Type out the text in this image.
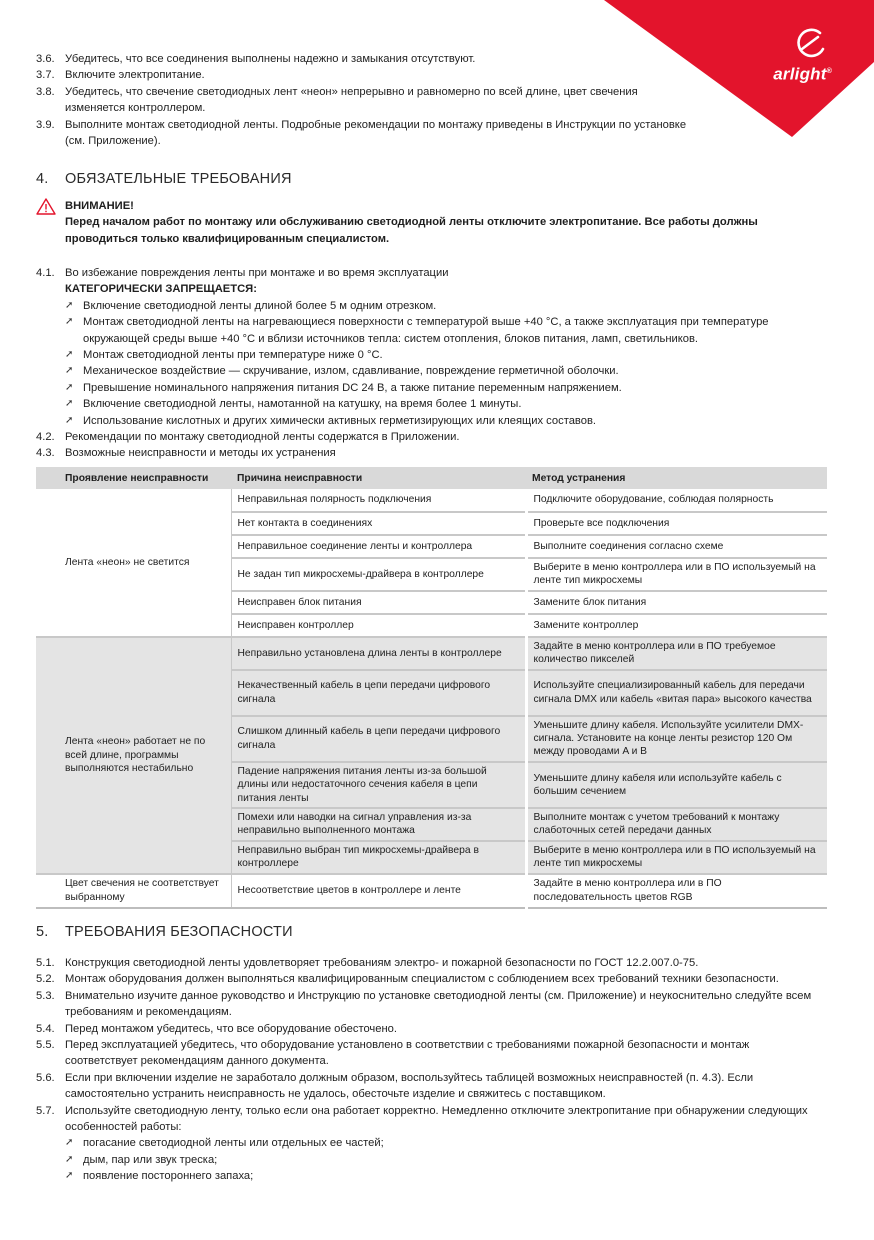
arlight®
3.6. Убедитесь, что все соединения выполнены надежно и замыкания отсутствуют.
3.7. Включите электропитание.
3.8. Убедитесь, что свечение светодиодных лент «неон» непрерывно и равномерно по всей длине, цвет свечения изменяется контроллером.
3.9. Выполните монтаж светодиодной ленты. Подробные рекомендации по монтажу приведены в Инструкции по установке (см. Приложение).
4. ОБЯЗАТЕЛЬНЫЕ ТРЕБОВАНИЯ
ВНИМАНИЕ!
Перед началом работ по монтажу или обслуживанию светодиодной ленты отключите электропитание. Все работы должны проводиться только квалифицированным специалистом.
4.1. Во избежание повреждения ленты при монтаже и во время эксплуатации
КАТЕГОРИЧЕСКИ ЗАПРЕЩАЕТСЯ:
➚ Включение светодиодной ленты длиной более 5 м одним отрезком.
➚ Монтаж светодиодной ленты на нагревающиеся поверхности с температурой выше +40 °C, а также эксплуатация при температуре окружающей среды выше +40 °C и вблизи источников тепла: систем отопления, блоков питания, ламп, светильников.
➚ Монтаж светодиодной ленты при температуре ниже 0 °C.
➚ Механическое воздействие — скручивание, излом, сдавливание, повреждение герметичной оболочки.
➚ Превышение номинального напряжения питания DC 24 В, а также питание переменным напряжением.
➚ Включение светодиодной ленты, намотанной на катушку, на время более 1 минуты.
➚ Использование кислотных и других химически активных герметизирующих или клеящих составов.
4.2. Рекомендации по монтажу светодиодной ленты содержатся в Приложении.
4.3. Возможные неисправности и методы их устранения
Проявление неисправности	Причина неисправности	Метод устранения
Лента «неон» не светится	Неправильная полярность подключения	Подключите оборудование, соблюдая полярность
	Нет контакта в соединениях	Проверьте все подключения
	Неправильное соединение ленты и контроллера	Выполните соединения согласно схеме
	Не задан тип микросхемы-драйвера в контроллере	Выберите в меню контроллера или в ПО используемый на ленте тип микросхемы
	Неисправен блок питания	Замените блок питания
	Неисправен контроллер	Замените контроллер
Лента «неон» работает не по всей длине, программы выполняются нестабильно	Неправильно установлена длина ленты в контроллере	Задайте в меню контроллера или в ПО требуемое количество пикселей
	Некачественный кабель в цепи передачи цифрового сигнала	Используйте специализированный кабель для передачи сигнала DMX или кабель «витая пара» высокого качества
	Слишком длинный кабель в цепи передачи цифрового сигнала	Уменьшите длину кабеля. Используйте усилители DMX-сигнала. Установите на конце ленты резистор 120 Ом между проводами A и B
	Падение напряжения питания ленты из-за большой длины или недостаточного сечения кабеля в цепи питания ленты	Уменьшите длину кабеля или используйте кабель с большим сечением
	Помехи или наводки на сигнал управления из-за неправильно выполненного монтажа	Выполните монтаж с учетом требований к монтажу слаботочных сетей передачи данных
	Неправильно выбран тип микросхемы-драйвера в контроллере	Выберите в меню контроллера или в ПО используемый на ленте тип микросхемы
Цвет свечения не соответствует выбранному	Несоответствие цветов в контроллере и ленте	Задайте в меню контроллера или в ПО последовательность цветов RGB
5. ТРЕБОВАНИЯ БЕЗОПАСНОСТИ
5.1. Конструкция светодиодной ленты удовлетворяет требованиям электро- и пожарной безопасности по ГОСТ 12.2.007.0-75.
5.2. Монтаж оборудования должен выполняться квалифицированным специалистом с соблюдением всех требований техники безопасности.
5.3. Внимательно изучите данное руководство и Инструкцию по установке светодиодной ленты (см. Приложение) и неукоснительно следуйте всем требованиям и рекомендациям.
5.4. Перед монтажом убедитесь, что все оборудование обесточено.
5.5. Перед эксплуатацией убедитесь, что оборудование установлено в соответствии с требованиями пожарной безопасности и монтаж соответствует рекомендациям данного документа.
5.6. Если при включении изделие не заработало должным образом, воспользуйтесь таблицей возможных неисправностей (п. 4.3). Если самостоятельно устранить неисправность не удалось, обесточьте изделие и свяжитесь с поставщиком.
5.7. Используйте светодиодную ленту, только если она работает корректно. Немедленно отключите электропитание при обнаружении следующих особенностей работы:
➚ погасание светодиодной ленты или отдельных ее частей;
➚ дым, пар или звук треска;
➚ появление постороннего запаха;
